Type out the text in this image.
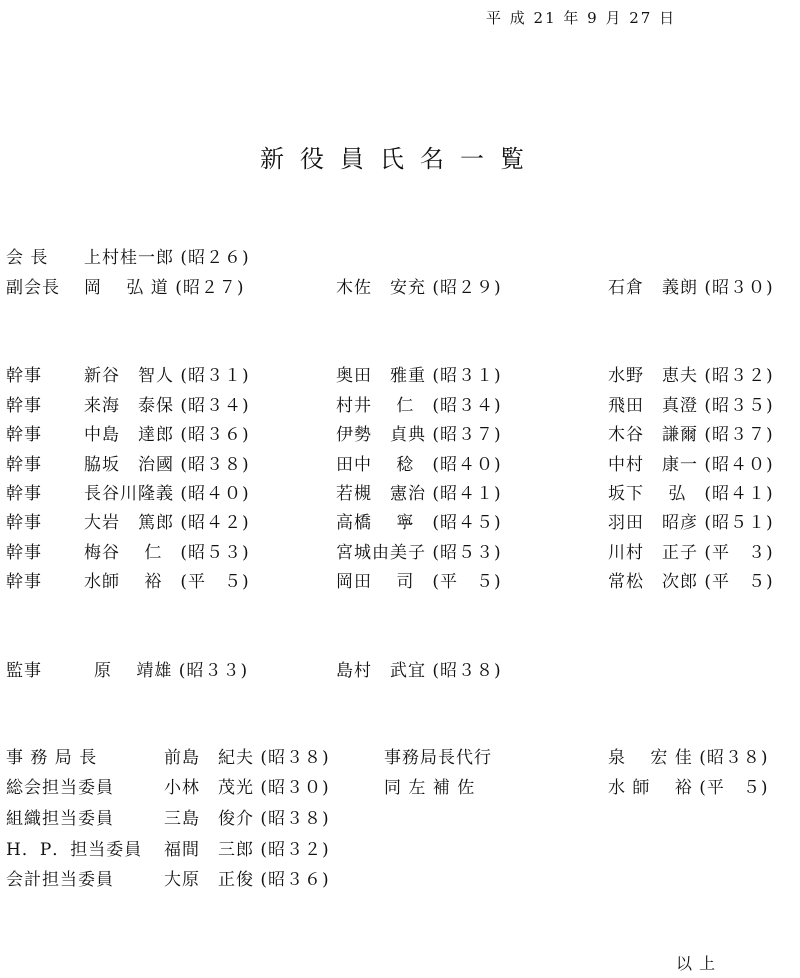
平 成 21 年 9 月 27 日
新役員氏名一覧
会 長 上村桂一郎 (昭２６)
副会長 岡　 弘 道 (昭２７)	木佐　安充 (昭２９)	石倉　義朗 (昭３０)
幹事 新谷　智人 (昭３１)	奥田　雅重 (昭３１)	水野　恵夫 (昭３２)
幹事 来海　泰保 (昭３４)	村井　 仁　(昭３４)	飛田　真澄 (昭３５)
幹事 中島　達郎 (昭３６)	伊勢　貞典 (昭３７)	木谷　謙爾 (昭３７)
幹事 脇坂　治國 (昭３８)	田中　 稔　(昭４０)	中村　康一 (昭４０)
幹事 長谷川隆義 (昭４０)	若槻　憲治 (昭４１)	坂下　 弘　(昭４１)
幹事 大岩　篤郎 (昭４２)	高橋　 寧　(昭４５)	羽田　昭彦 (昭５１)
幹事 梅谷　 仁　(昭５３)	宮城由美子 (昭５３)	川村　正子 (平　３)
幹事 水師　 裕　(平　５)	岡田　 司　(平　５)	常松　次郎 (平　５)
監事	原　 靖雄 (昭３３)	島村　武宜 (昭３８)
事 務 局 長	前島　紀夫 (昭３８)	事務局長代行	泉　 宏 佳 (昭３８)
総会担当委員	小林　茂光 (昭３０)	同 左 補 佐	水 師　 裕 (平　５)
組織担当委員	三島　俊介 (昭３８)
H．P．担当委員 福間　三郎 (昭３２)
会計担当委員	大原　正俊 (昭３６)
以 上
